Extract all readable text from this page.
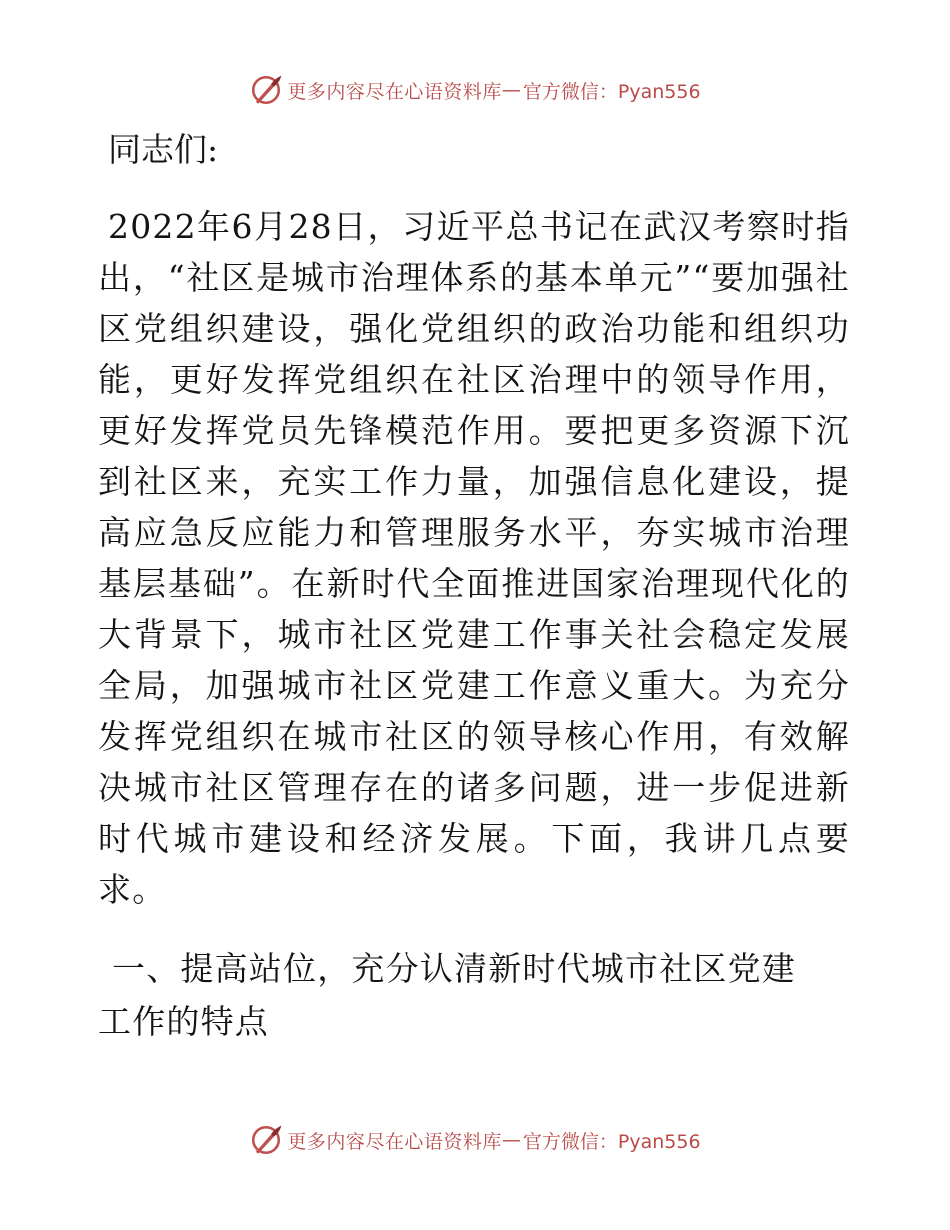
更多内容尽在心语资料库 — 官方微信：Pyan556

同志们:

2022年6月28日，习近平总书记在武汉考察时指出，“社区是城市治理体系的基本单元”“要加强社区党组织建设，强化党组织的政治功能和组织功能，更好发挥党组织在社区治理中的领导作用，更好发挥党员先锋模范作用。要把更多资源下沉到社区来，充实工作力量，加强信息化建设，提高应急反应能力和管理服务水平，夯实城市治理基层基础”。在新时代全面推进国家治理现代化的大背景下，城市社区党建工作事关社会稳定发展全局，加强城市社区党建工作意义重大。为充分发挥党组织在城市社区的领导核心作用，有效解决城市社区管理存在的诸多问题，进一步促进新时代城市建设和经济发展。下面，我讲几点要求。

一、提高站位，充分认清新时代城市社区党建工作的特点

更多内容尽在心语资料库 — 官方微信：Pyan556
